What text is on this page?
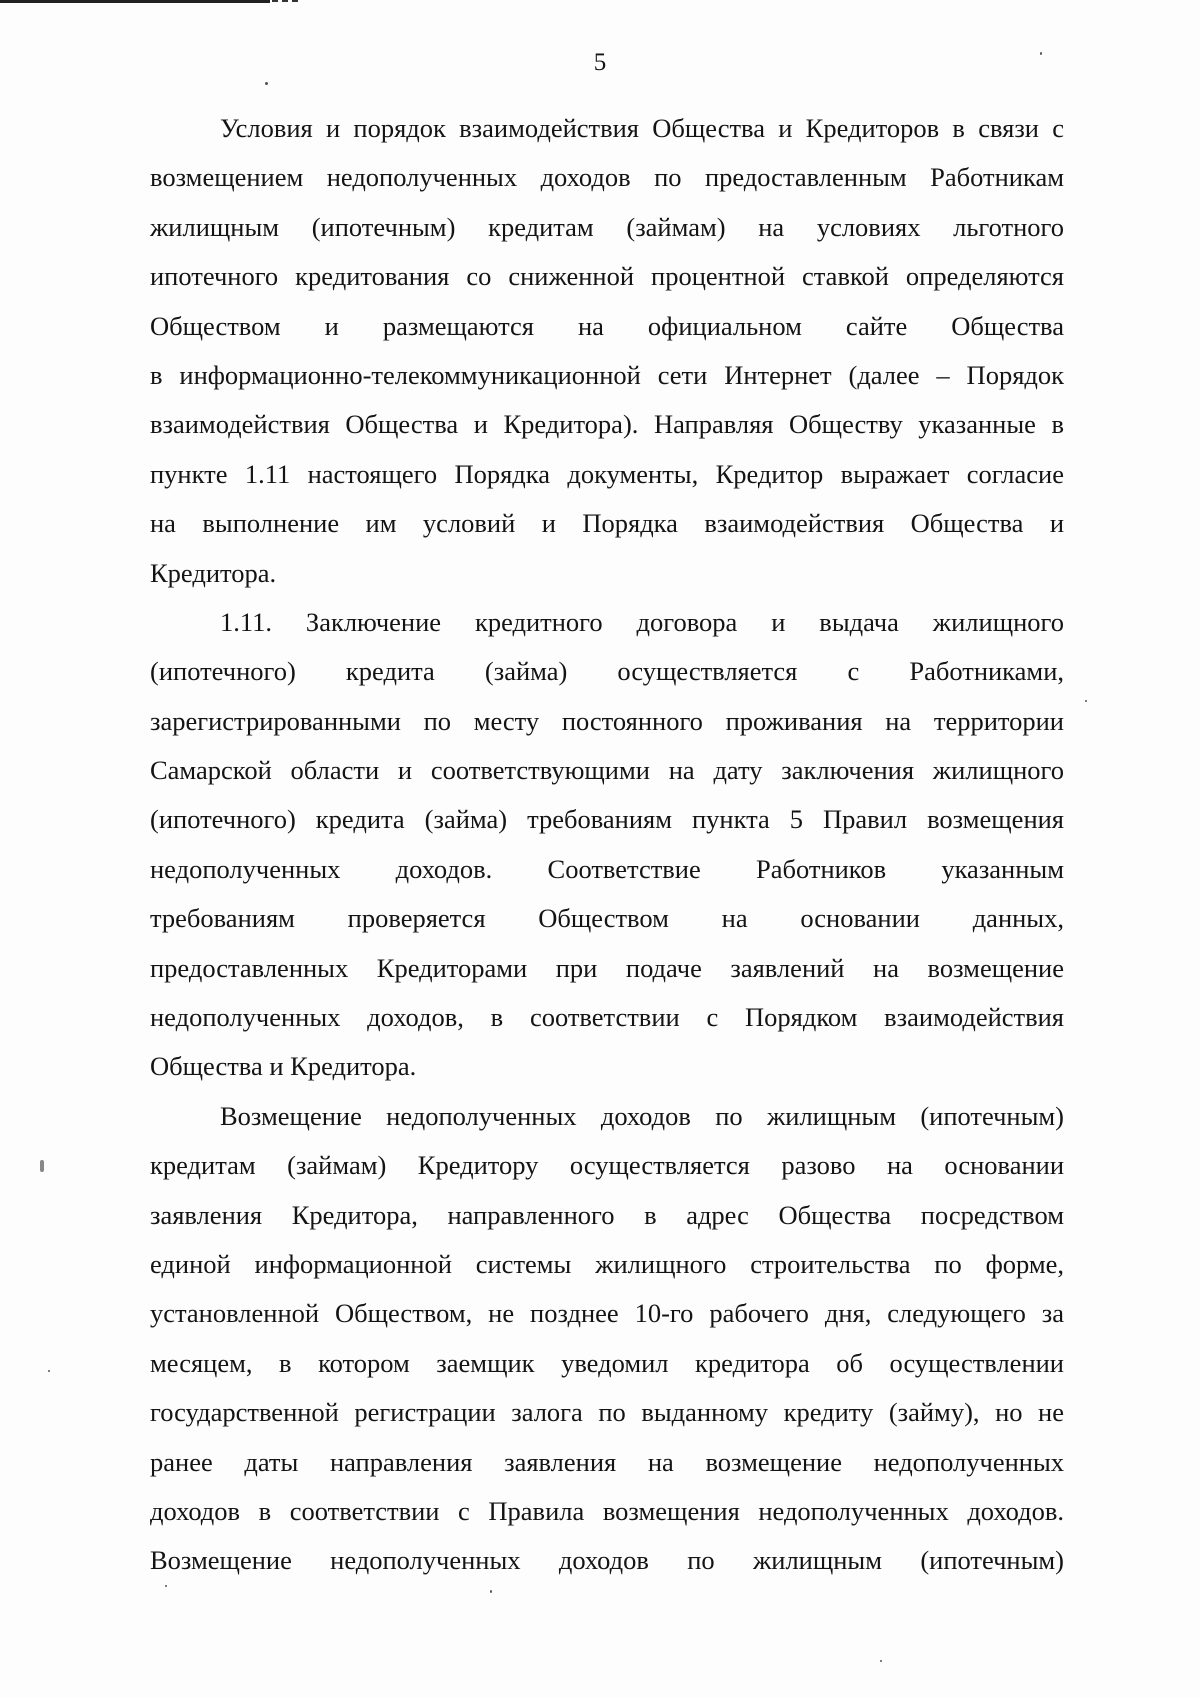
5
Условия и порядок взаимодействия Общества и Кредиторов в связи с
возмещением недополученных доходов по предоставленным Работникам
жилищным (ипотечным) кредитам (займам) на условиях льготного
ипотечного кредитования со сниженной процентной ставкой определяются
Обществом и размещаются на официальном сайте Общества
в информационно-телекоммуникационной сети Интернет (далее – Порядок
взаимодействия Общества и Кредитора). Направляя Обществу указанные в
пункте 1.11 настоящего Порядка документы, Кредитор выражает согласие
на выполнение им условий и Порядка взаимодействия Общества и
Кредитора.
1.11. Заключение кредитного договора и выдача жилищного
(ипотечного) кредита (займа) осуществляется с Работниками,
зарегистрированными по месту постоянного проживания на территории
Самарской области и соответствующими на дату заключения жилищного
(ипотечного) кредита (займа) требованиям пункта 5 Правил возмещения
недополученных доходов. Соответствие Работников указанным
требованиям проверяется Обществом на основании данных,
предоставленных Кредиторами при подаче заявлений на возмещение
недополученных доходов, в соответствии с Порядком взаимодействия
Общества и Кредитора.
Возмещение недополученных доходов по жилищным (ипотечным)
кредитам (займам) Кредитору осуществляется разово на основании
заявления Кредитора, направленного в адрес Общества посредством
единой информационной системы жилищного строительства по форме,
установленной Обществом, не позднее 10-го рабочего дня, следующего за
месяцем, в котором заемщик уведомил кредитора об осуществлении
государственной регистрации залога по выданному кредиту (займу), но не
ранее даты направления заявления на возмещение недополученных
доходов в соответствии с Правила возмещения недополученных доходов.
Возмещение недополученных доходов по жилищным (ипотечным)
